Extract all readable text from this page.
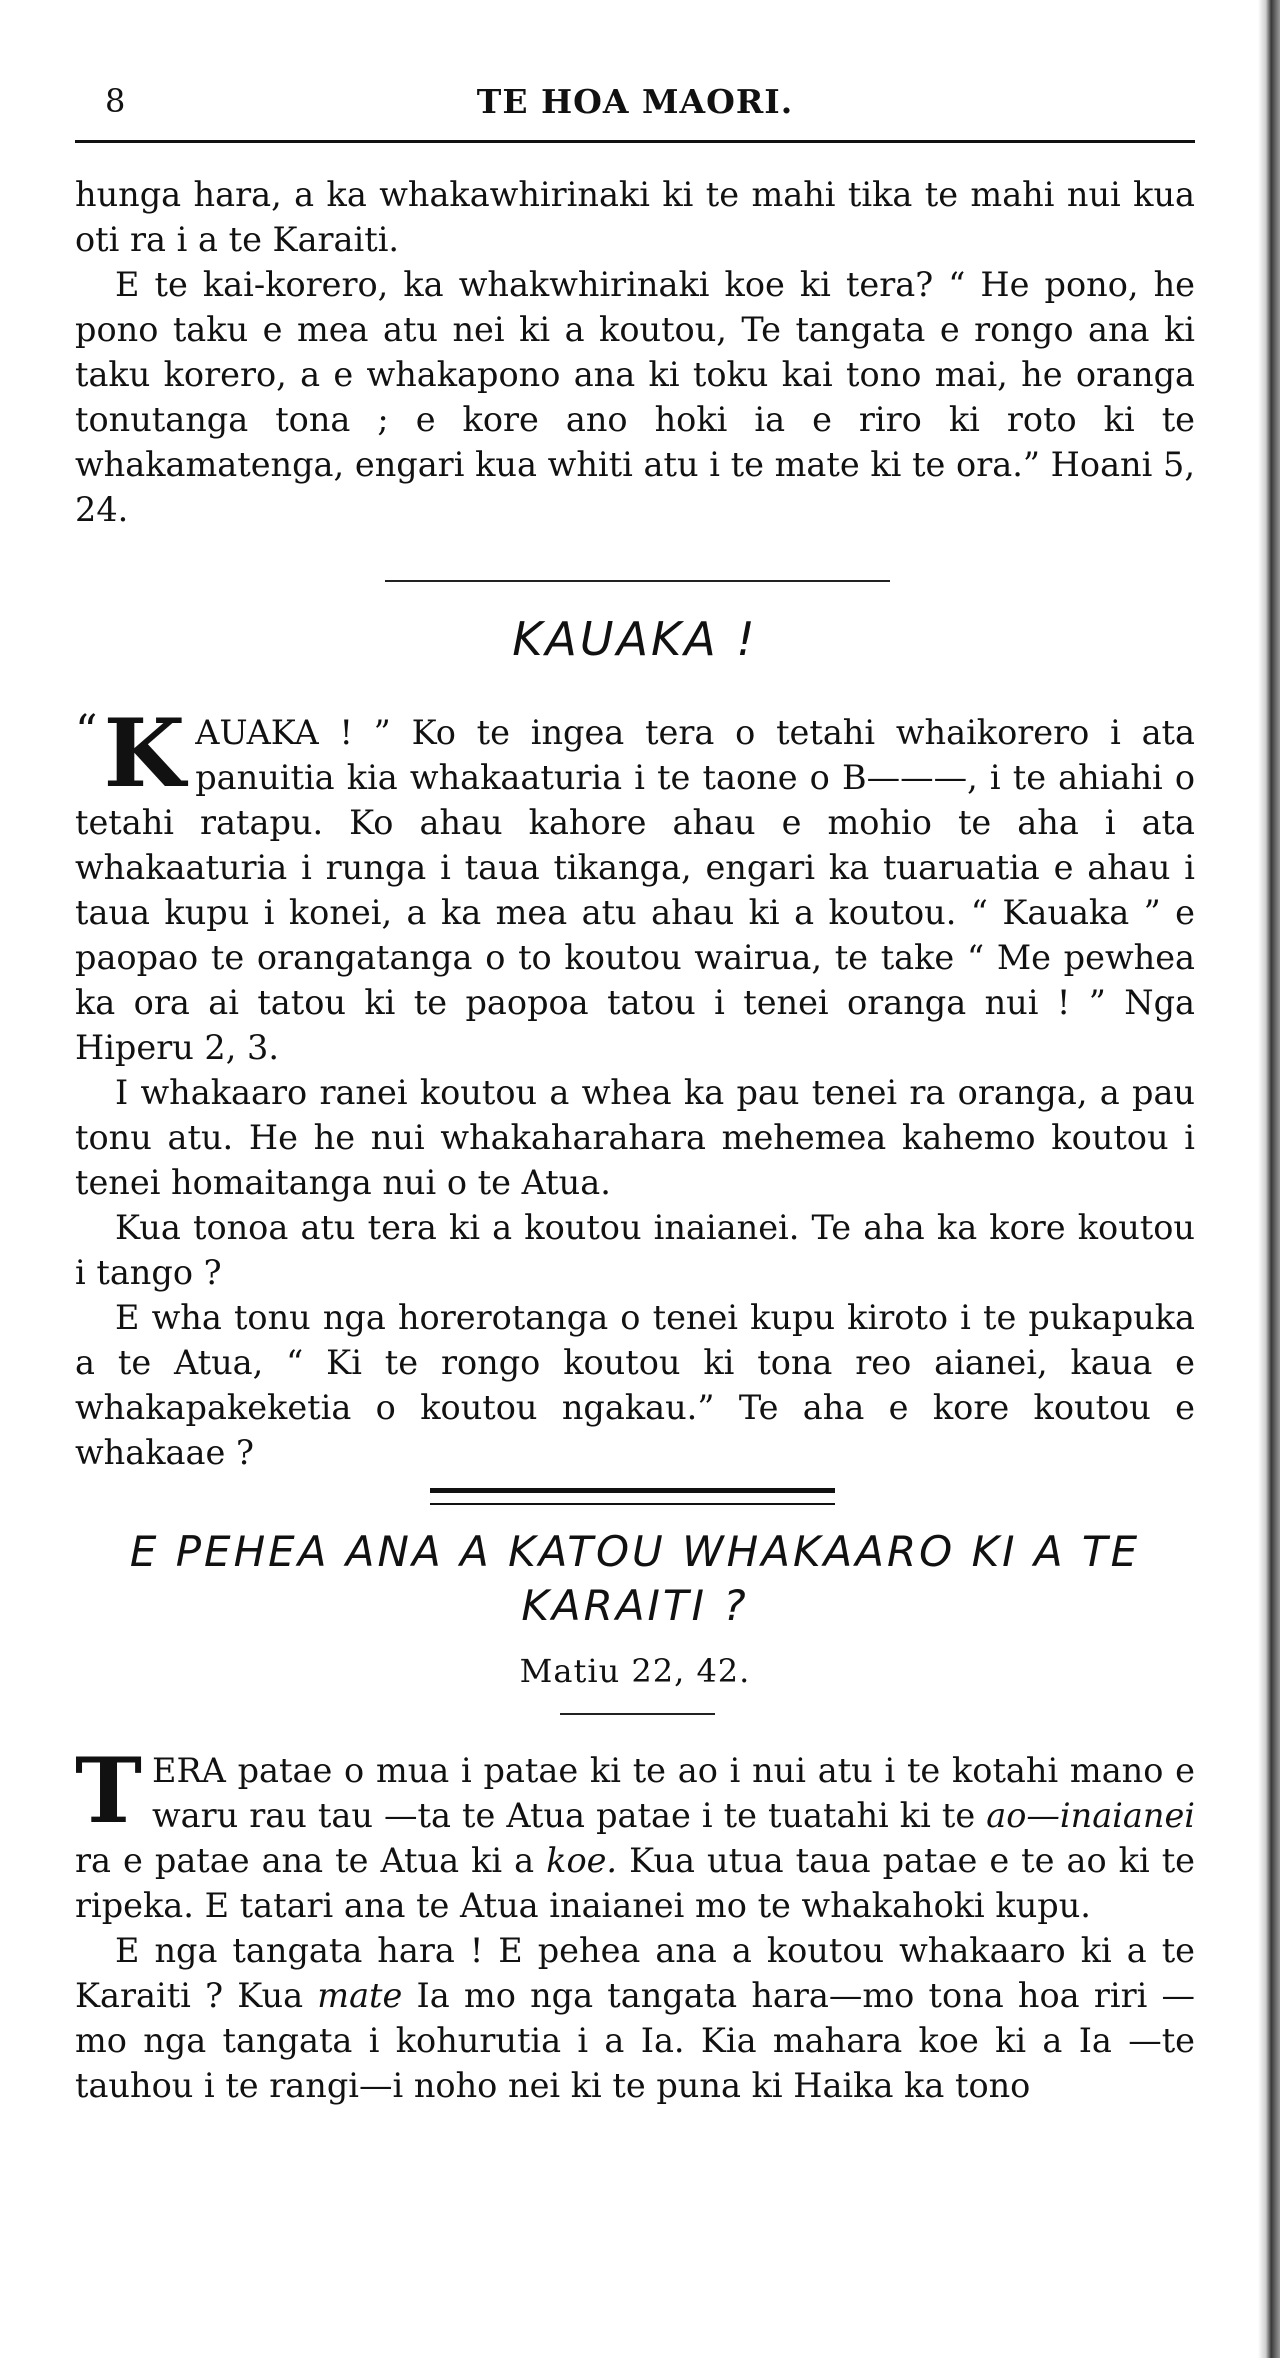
8	TE HOA MAORI.

hunga hara, a ka whakawhirinaki ki te mahi tika te mahi nui kua oti ra i a te Karaiti.

E te kai-korero, ka whakwhirinaki koe ki tera? “ He pono, he pono taku e mea atu nei ki a koutou, Te tangata e rongo ana ki taku korero, a e whakapono ana ki toku kai tono mai, he oranga tonutanga tona ; e kore ano hoki ia e riro ki roto ki te whakamatenga, engari kua whiti atu i te mate ki te ora.” Hoani 5, 24.

KAUAKA !
“ K AUAKA ! ” Ko te ingea tera o tetahi whaikorero i ata panuitia kia whakaaturia i te taone o B———, i te ahiahi o tetahi ratapu. Ko ahau kahore ahau e mohio te aha i ata whakaaturia i runga i taua tikanga, engari ka tuaruatia e ahau i taua kupu i konei, a ka mea atu ahau ki a koutou. “ Kauaka ” e paopao te orangatanga o to koutou wairua, te take “ Me pewhea ka ora ai tatou ki te paopoa tatou i tenei oranga nui ! ” Nga Hiperu 2, 3.

I whakaaro ranei koutou a whea ka pau tenei ra oranga, a pau tonu atu. He he nui whakaharahara mehemea kahemo koutou i tenei homaitanga nui o te Atua.

Kua tonoa atu tera ki a koutou inaianei. Te aha ka kore koutou i tango ?

E wha tonu nga horerotanga o tenei kupu kiroto i te pukapuka a te Atua, “ Ki te rongo koutou ki tona reo aianei, kaua e whakapakeketia o koutou ngakau.” Te aha e kore koutou e whakaae ?

E PEHEA ANA A KATOU WHAKAARO KI A TE
KARAITI ?
Matiu 22, 42.
T ERA patae o mua i patae ki te ao i nui atu i te kotahi mano e waru rau tau —ta te Atua patae i te tuatahi ki te ao—inaianei ra e patae ana te Atua ki a koe. Kua utua taua patae e te ao ki te ripeka. E tatari ana te Atua inaianei mo te whakahoki kupu.

E nga tangata hara ! E pehea ana a koutou whakaaro ki a te Karaiti ? Kua mate Ia mo nga tangata hara—mo tona hoa riri —mo nga tangata i kohurutia i a Ia. Kia mahara koe ki a Ia —te tauhou i te rangi—i noho nei ki te puna ki Haika ka tono
